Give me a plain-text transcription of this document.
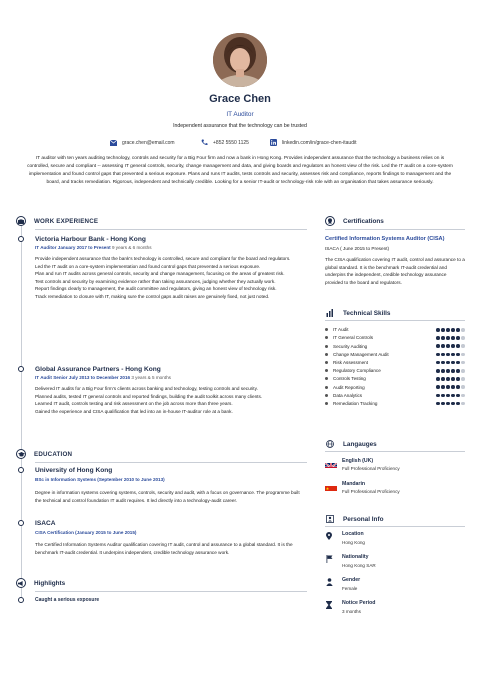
Grace Chen
IT Auditor
Independent assurance that the technology can be trusted
grace.chen@email.com	+852 5550 1125	linkedin.com/in/grace-chen-itaudit
IT auditor with ten years auditing technology, controls and security for a Big Four firm and now a bank in Hong Kong. Provides independent assurance that the technology a business relies on is controlled, secure and compliant -- assessing IT general controls, security, change management and data, and giving boards and regulators an honest view of the risk. Led the IT audit on a core-system implementation and found control gaps that prevented a serious exposure. Plans and runs IT audits, tests controls and security, assesses risk and compliance, reports findings to management and the board, and tracks remediation. Rigorous, independent and technically credible. Looking for a senior IT-audit or technology-risk role with an organisation that takes assurance seriously.
WORK EXPERIENCE
Victoria Harbour Bank - Hong Kong
IT Auditor January 2017 to Present 9 years & 6 months

Provide independent assurance that the bank's technology is controlled, secure and compliant for the board and regulators.

Led the IT audit on a core-system implementation and found control gaps that prevented a serious exposure.

Plan and run IT audits across general controls, security and change management, focusing on the areas of greatest risk.

Test controls and security by examining evidence rather than taking assurances, judging whether they actually work.

Report findings clearly to management, the audit committee and regulators, giving an honest view of technology risk.

Track remediation to closure with IT, making sure the control gaps audit raises are genuinely fixed, not just noted.

Global Assurance Partners - Hong Kong
IT Audit Senior July 2013 to December 2016 3 years & 5 months

Delivered IT audits for a Big Four firm's clients across banking and technology, testing controls and security.

Planned audits, tested IT general controls and reported findings, building the audit toolkit across many clients.

Learned IT audit, controls testing and risk assessment on the job across more than three years.

Gained the experience and CISA qualification that led into an in-house IT-auditor role at a bank.

EDUCATION
University of Hong Kong
BSc in Information Systems (September 2010 to June 2013)
Degree in information systems covering systems, controls, security and audit, with a focus on governance. The programme built the technical and control foundation IT audit requires. It led directly into a technology-audit career.
ISACA
CISA Certification (January 2015 to June 2015)
The Certified Information Systems Auditor qualification covering IT audit, control and assurance to a global standard. It is the benchmark IT-audit credential. It underpins independent, credible technology assurance work.
Highlights
Caught a serious exposure
Certifications
Certified Information Systems Auditor (CISA)
ISACA ( June 2015 to Present)
The CISA qualification covering IT audit, control and assurance to a global standard. It is the benchmark IT-audit credential and underpins the independent, credible technology assurance provided to the board and regulators.
Technical Skills
IT Audit
IT General Controls
Security Auditing
Change Management Audit
Risk Assessment
Regulatory Compliance
Controls Testing
Audit Reporting
Data Analytics
Remediation Tracking
Langauges
English (UK)
Full Professional Proficiency
Mandarin
Full Professional Proficiency
Personal Info
Location
Hong Kong
Nationality
Hong Kong SAR
Gender
Female
Notice Period
3 months
